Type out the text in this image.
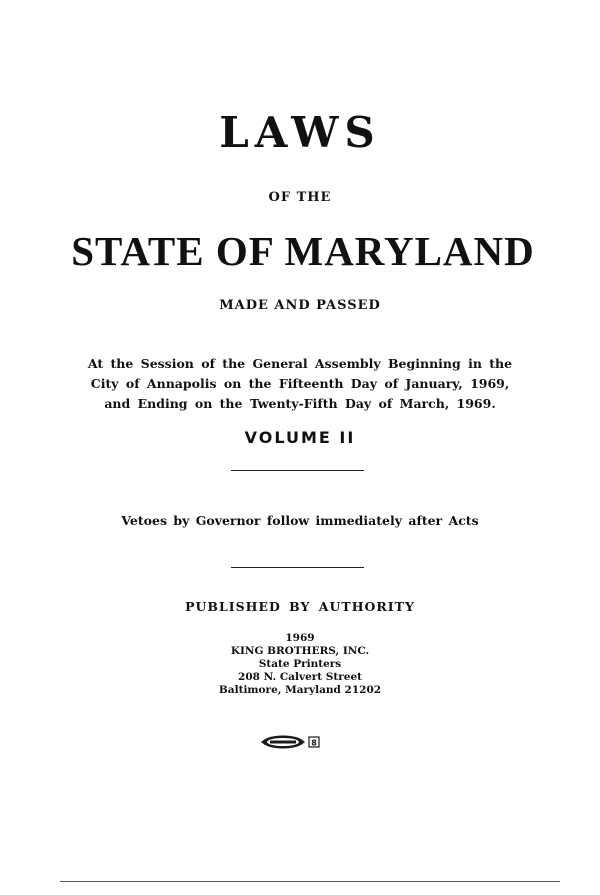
LAWS
OF THE
STATE OF MARYLAND
MADE AND PASSED
At the Session of the General Assembly Beginning in the
City of Annapolis on the Fifteenth Day of January, 1969,
and Ending on the Twenty-Fifth Day of March, 1969.
VOLUME II
Vetoes by Governor follow immediately after Acts
PUBLISHED BY AUTHORITY
1969
KING BROTHERS, INC.
State Printers
208 N. Calvert Street
Baltimore, Maryland 21202
8
